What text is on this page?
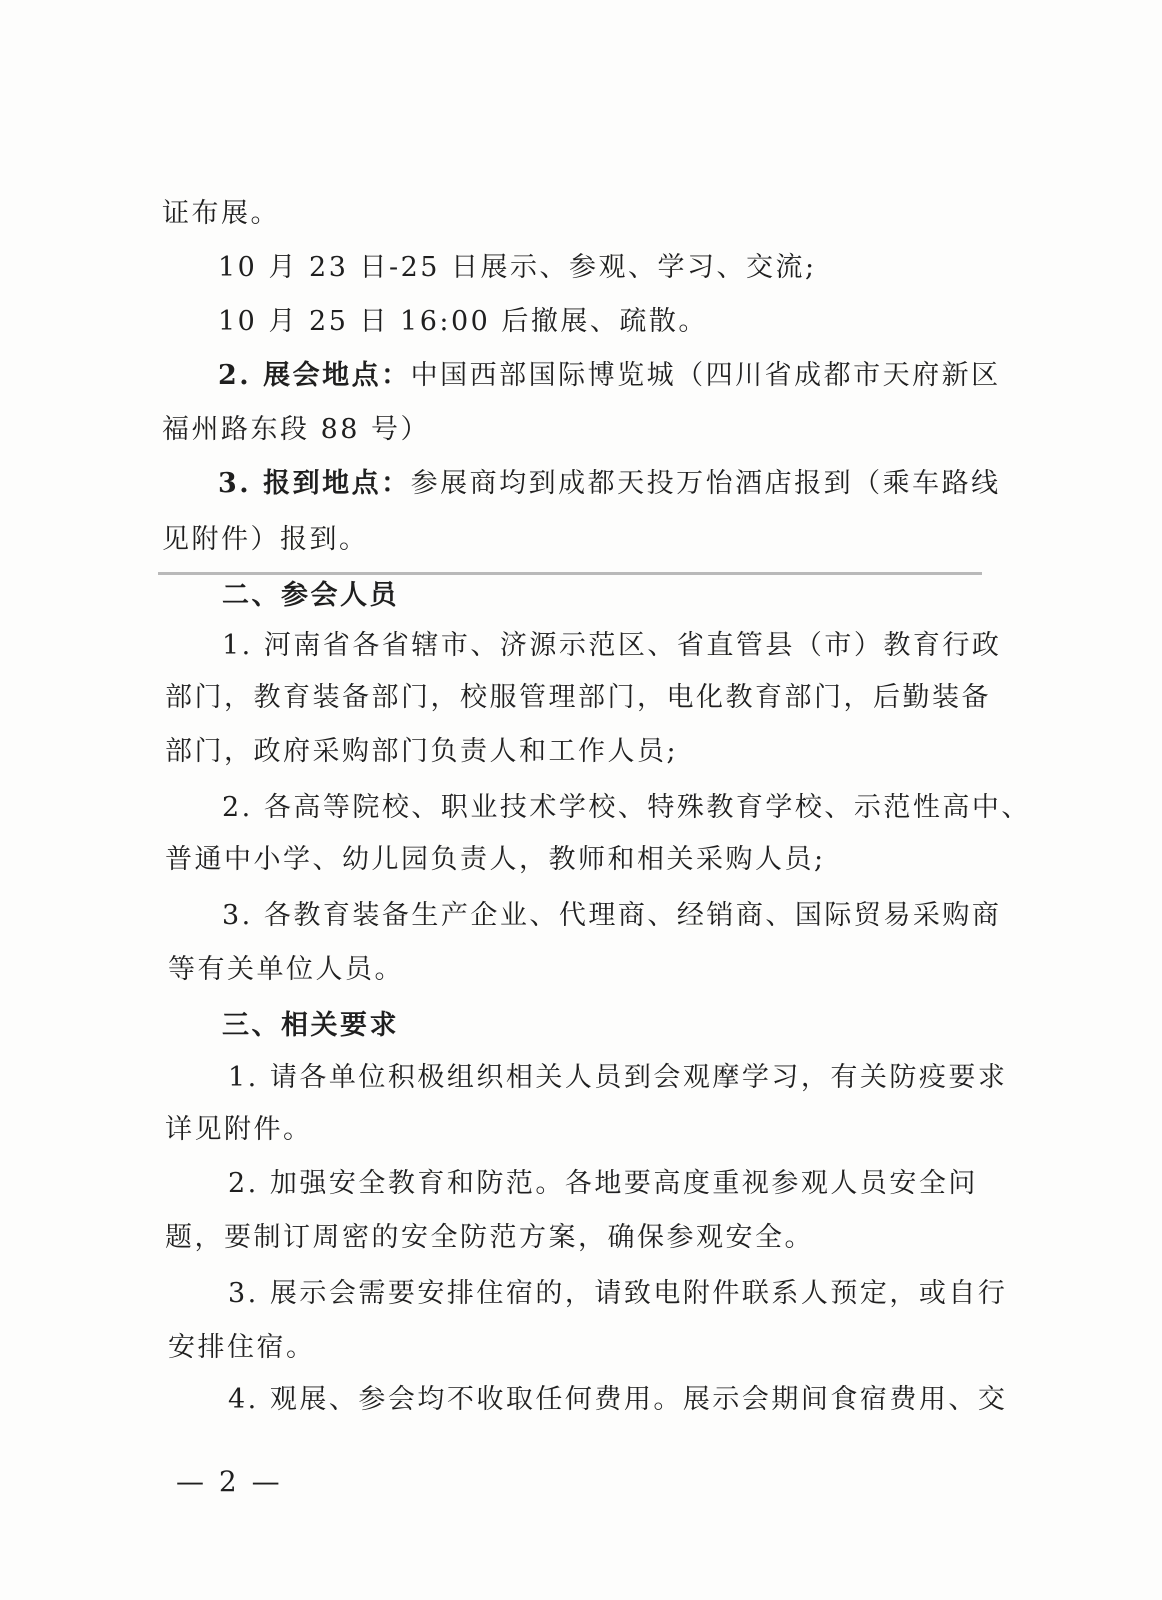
证布展。
10 月 23 日-25 日展示、参观、学习、交流;
10 月 25 日 16:00 后撤展、疏散。
2. 展会地点：中国西部国际博览城（四川省成都市天府新区
福州路东段 88 号）
3. 报到地点：参展商均到成都天投万怡酒店报到（乘车路线
见附件）报到。
二、参会人员
1. 河南省各省辖市、济源示范区、省直管县（市）教育行政
部门，教育装备部门，校服管理部门，电化教育部门，后勤装备
部门，政府采购部门负责人和工作人员;
2. 各高等院校、职业技术学校、特殊教育学校、示范性高中、
普通中小学、幼儿园负责人，教师和相关采购人员;
3. 各教育装备生产企业、代理商、经销商、国际贸易采购商
等有关单位人员。
三、相关要求
1. 请各单位积极组织相关人员到会观摩学习，有关防疫要求
详见附件。
2. 加强安全教育和防范。各地要高度重视参观人员安全问
题，要制订周密的安全防范方案，确保参观安全。
3. 展示会需要安排住宿的，请致电附件联系人预定，或自行
安排住宿。
4. 观展、参会均不收取任何费用。展示会期间食宿费用、交
— 2 —
